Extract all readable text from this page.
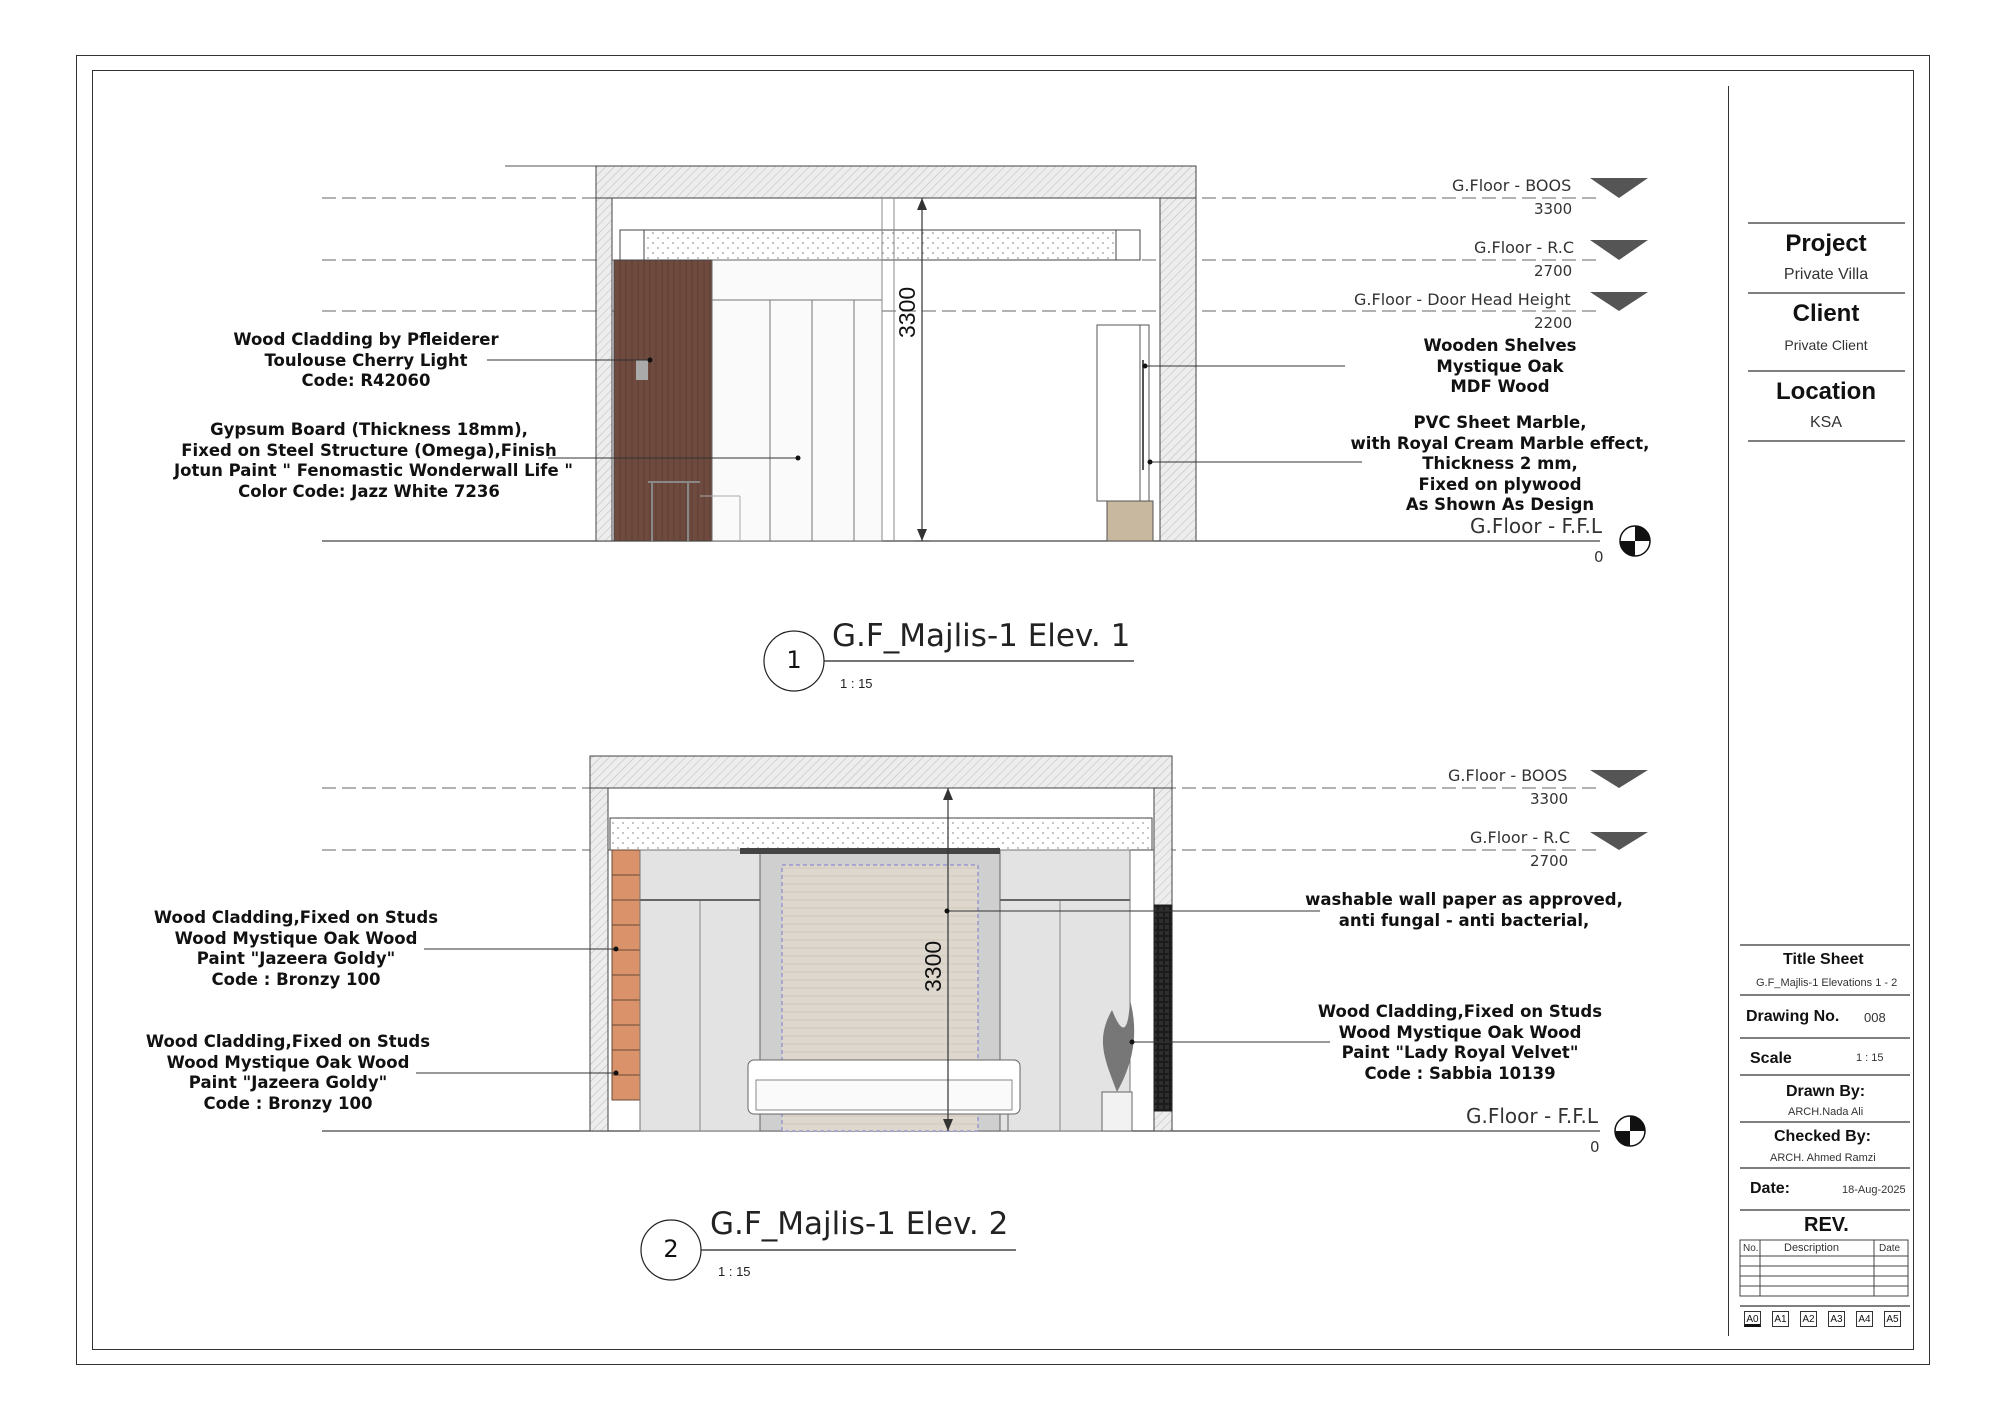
G.Floor - BOOS
3300
G.Floor - R.C
2700
G.Floor - Door Head Height
2200
G.Floor - F.F.L
0
3300
Wood Cladding by Pfleiderer
Toulouse Cherry Light
Code: R42060
Gypsum Board (Thickness 18mm),
Fixed on Steel Structure (Omega),Finish
Jotun Paint " Fenomastic Wonderwall Life "
Color Code: Jazz White 7236
Wooden Shelves
Mystique Oak
MDF Wood
PVC Sheet Marble,
with Royal Cream Marble effect,
Thickness 2 mm,
Fixed on plywood
As Shown As Design
1
G.F_Majlis-1 Elev. 1
1 : 15
G.Floor - BOOS
3300
G.Floor - R.C
2700
G.Floor - F.F.L
0
3300
Wood Cladding,Fixed on Studs
Wood Mystique Oak Wood
Paint "Jazeera Goldy"
Code : Bronzy 100
Wood Cladding,Fixed on Studs
Wood Mystique Oak Wood
Paint "Jazeera Goldy"
Code : Bronzy 100
washable wall paper as approved,
anti fungal - anti bacterial,
Wood Cladding,Fixed on Studs
Wood Mystique Oak Wood
Paint "Lady Royal Velvet"
Code : Sabbia 10139
2
G.F_Majlis-1 Elev. 2
1 : 15
Project
Private Villa
Client
Private Client
Location
KSA
Title Sheet
G.F_Majlis-1 Elevations 1 - 2
Drawing No. 008
Scale	1 : 15
Drawn By:
ARCH.Nada Ali
Checked By:
ARCH. Ahmed Ramzi
Date:	18-Aug-2025
REV.
No. Description	Date
A0 A1 A2 A3 A4 A5
